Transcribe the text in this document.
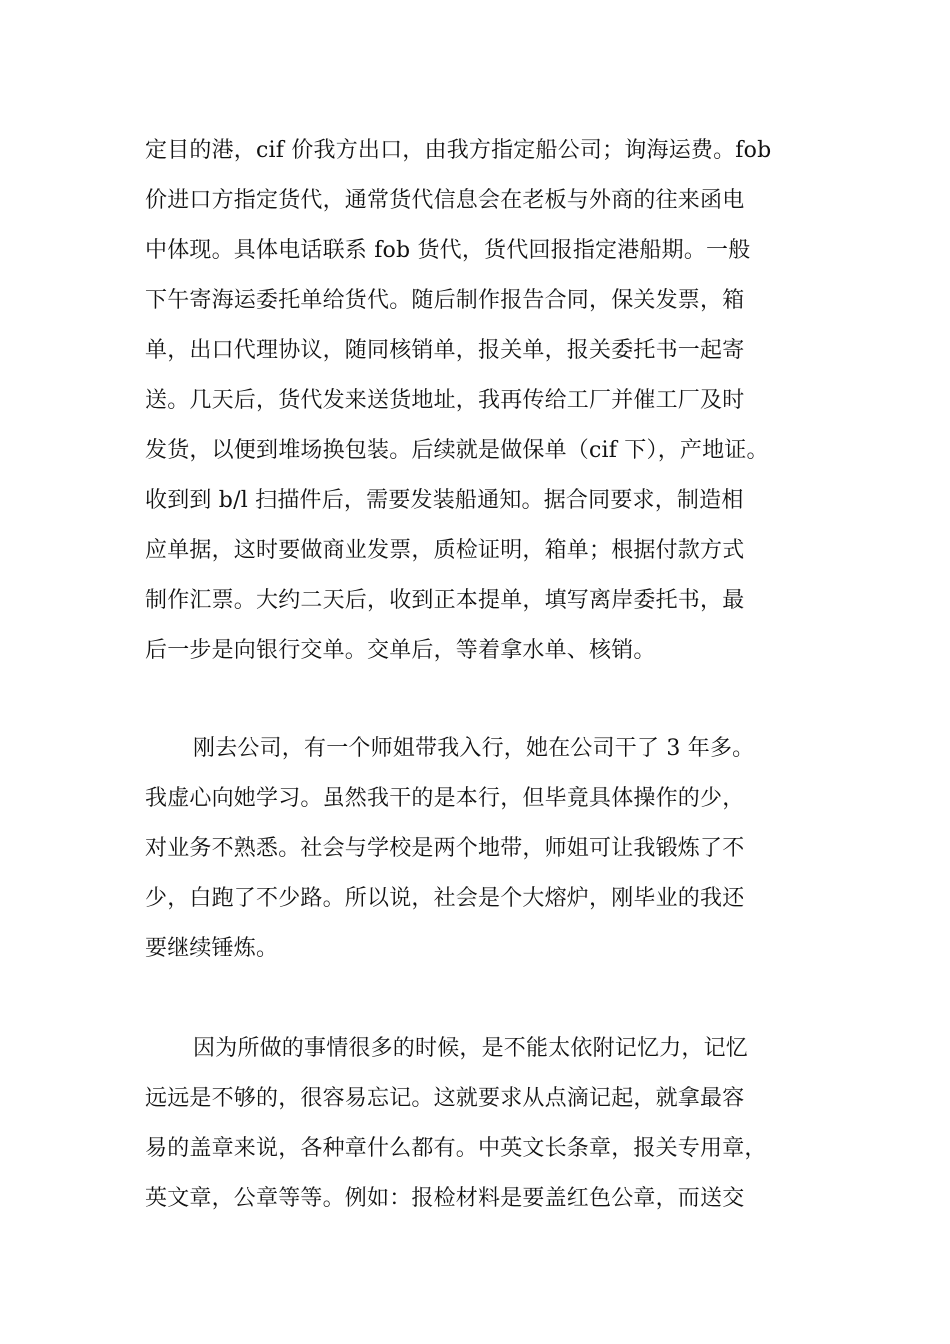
定目的港，cif 价我方出口，由我方指定船公司；询海运费。fob
价进口方指定货代，通常货代信息会在老板与外商的往来函电
中体现。具体电话联系 fob 货代，货代回报指定港船期。一般
下午寄海运委托单给货代。随后制作报告合同，保关发票，箱
单，出口代理协议，随同核销单，报关单，报关委托书一起寄
送。几天后，货代发来送货地址，我再传给工厂并催工厂及时
发货，以便到堆场换包装。后续就是做保单（cif 下），产地证。
收到到 b/l 扫描件后，需要发装船通知。据合同要求，制造相
应单据，这时要做商业发票，质检证明，箱单；根据付款方式
制作汇票。大约二天后，收到正本提单，填写离岸委托书，最
后一步是向银行交单。交单后，等着拿水单、核销。
刚去公司，有一个师姐带我入行，她在公司干了 3 年多。
我虚心向她学习。虽然我干的是本行，但毕竟具体操作的少，
对业务不熟悉。社会与学校是两个地带，师姐可让我锻炼了不
少，白跑了不少路。所以说，社会是个大熔炉，刚毕业的我还
要继续锤炼。
因为所做的事情很多的时候，是不能太依附记忆力，记忆
远远是不够的，很容易忘记。这就要求从点滴记起，就拿最容
易的盖章来说，各种章什么都有。中英文长条章，报关专用章，
英文章，公章等等。例如：报检材料是要盖红色公章，而送交
